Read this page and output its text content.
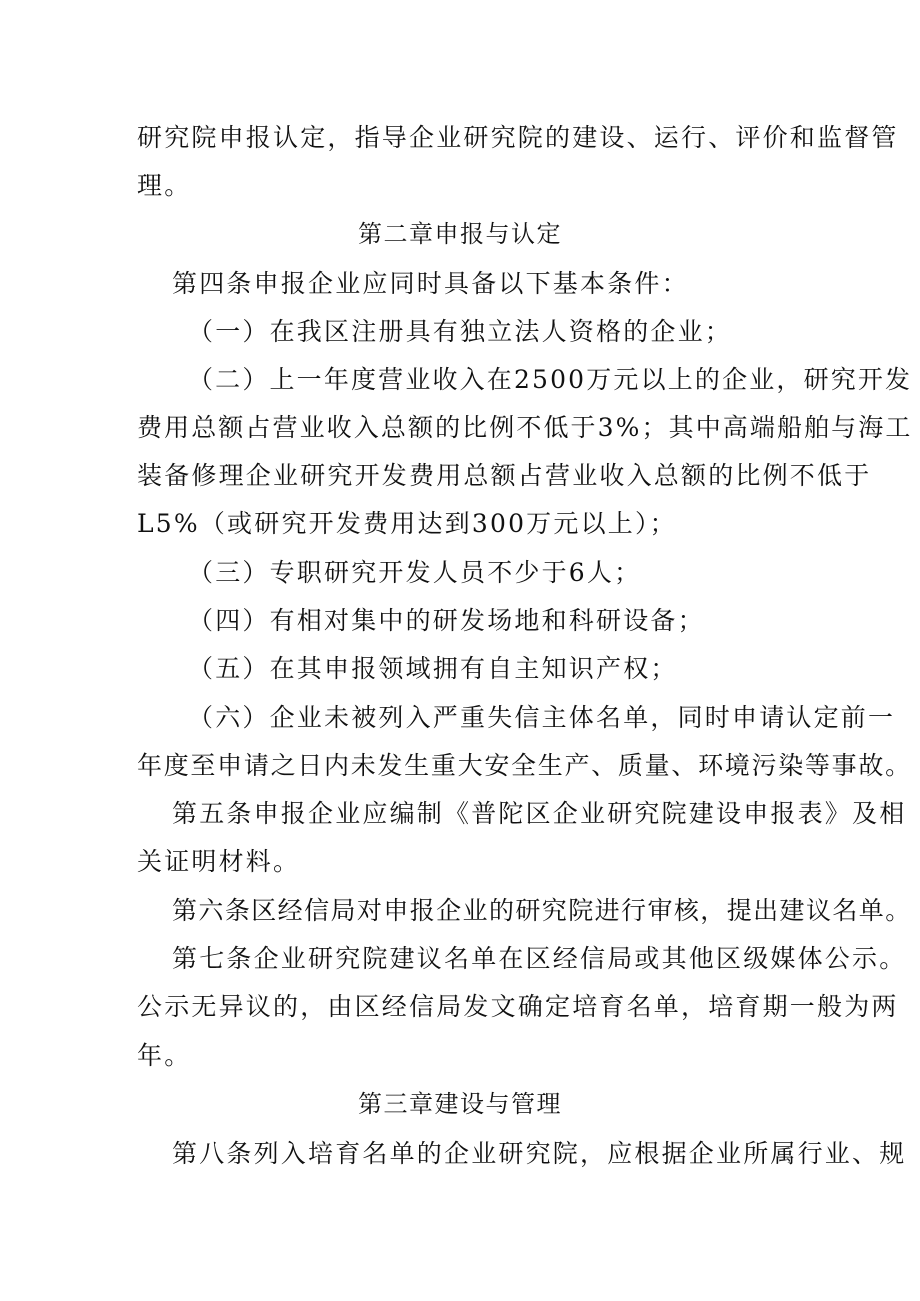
研究院申报认定，指导企业研究院的建设、运行、评价和监督管
理。
第二章申报与认定
第四条申报企业应同时具备以下基本条件：
（一）在我区注册具有独立法人资格的企业；
（二）上一年度营业收入在2500万元以上的企业，研究开发
费用总额占营业收入总额的比例不低于3%；其中高端船舶与海工
装备修理企业研究开发费用总额占营业收入总额的比例不低于
L5%（或研究开发费用达到300万元以上）；
（三）专职研究开发人员不少于6人；
（四）有相对集中的研发场地和科研设备；
（五）在其申报领域拥有自主知识产权；
（六）企业未被列入严重失信主体名单，同时申请认定前一
年度至申请之日内未发生重大安全生产、质量、环境污染等事故。
第五条申报企业应编制《普陀区企业研究院建设申报表》及相
关证明材料。
第六条区经信局对申报企业的研究院进行审核，提出建议名单。
第七条企业研究院建议名单在区经信局或其他区级媒体公示。
公示无异议的，由区经信局发文确定培育名单，培育期一般为两
年。
第三章建设与管理
第八条列入培育名单的企业研究院，应根据企业所属行业、规
